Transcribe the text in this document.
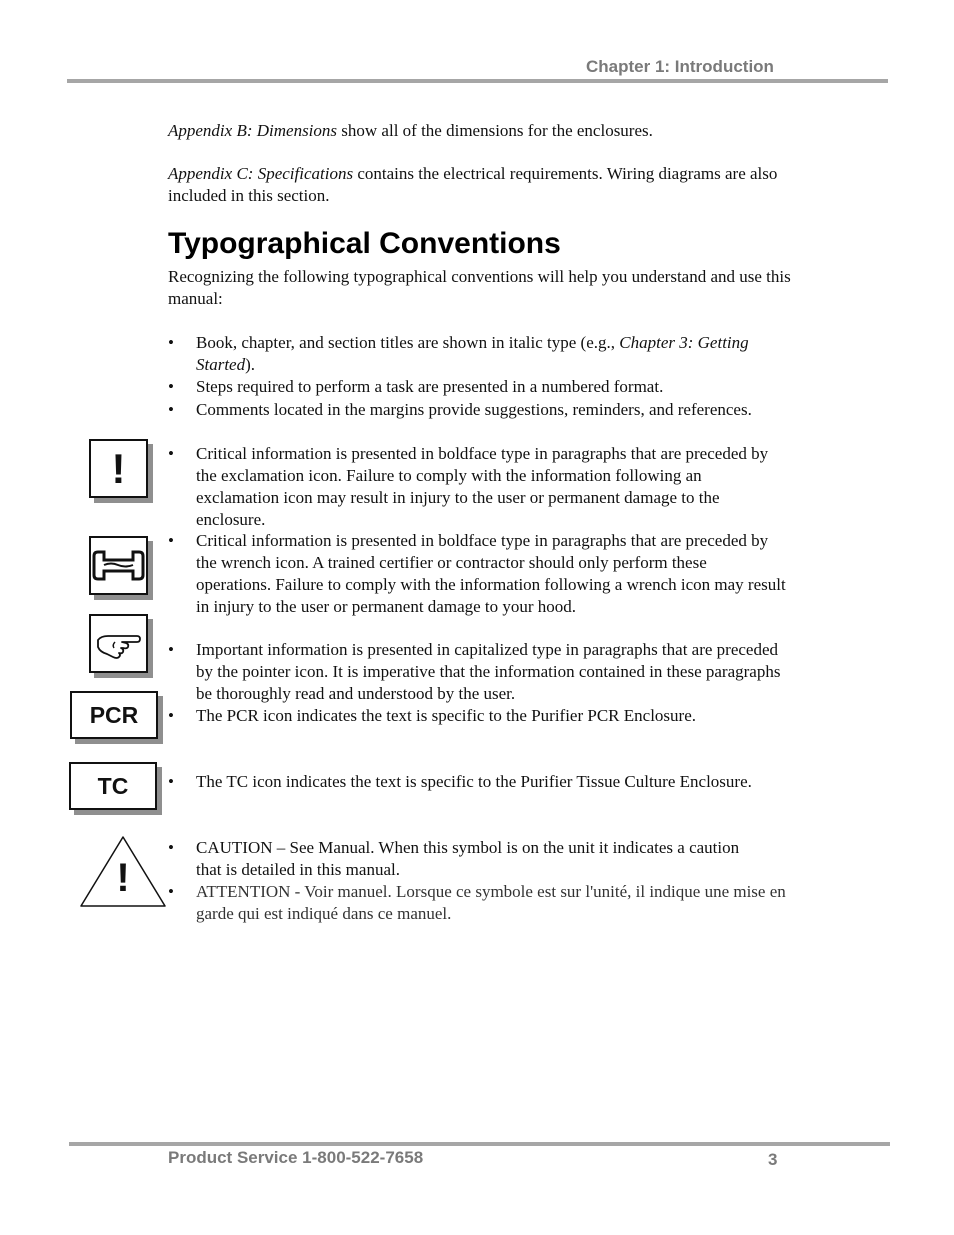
Chapter 1: Introduction
Appendix B: Dimensions show all of the dimensions for the enclosures.
Appendix C: Specifications contains the electrical requirements. Wiring diagrams are also included in this section.
Typographical Conventions
Recognizing the following typographical conventions will help you understand and use this manual:
• Book, chapter, and section titles are shown in italic type (e.g., Chapter 3: Getting Started).
• Steps required to perform a task are presented in a numbered format.
• Comments located in the margins provide suggestions, reminders, and references.
• Critical information is presented in boldface type in paragraphs that are preceded by the exclamation icon. Failure to comply with the information following an exclamation icon may result in injury to the user or permanent damage to the enclosure.
• Critical information is presented in boldface type in paragraphs that are preceded by the wrench icon. A trained certifier or contractor should only perform these operations. Failure to comply with the information following a wrench icon may result in injury to the user or permanent damage to your hood.
• Important information is presented in capitalized type in paragraphs that are preceded by the pointer icon. It is imperative that the information contained in these paragraphs be thoroughly read and understood by the user.
• The PCR icon indicates the text is specific to the Purifier PCR Enclosure.
• The TC icon indicates the text is specific to the Purifier Tissue Culture Enclosure.
• CAUTION – See Manual. When this symbol is on the unit it indicates a caution that is detailed in this manual.
• ATTENTION - Voir manuel. Lorsque ce symbole est sur l'unité, il indique une mise en garde qui est indiqué dans ce manuel.
!
PCR
TC
!
Product Service 1-800-522-7658	3
